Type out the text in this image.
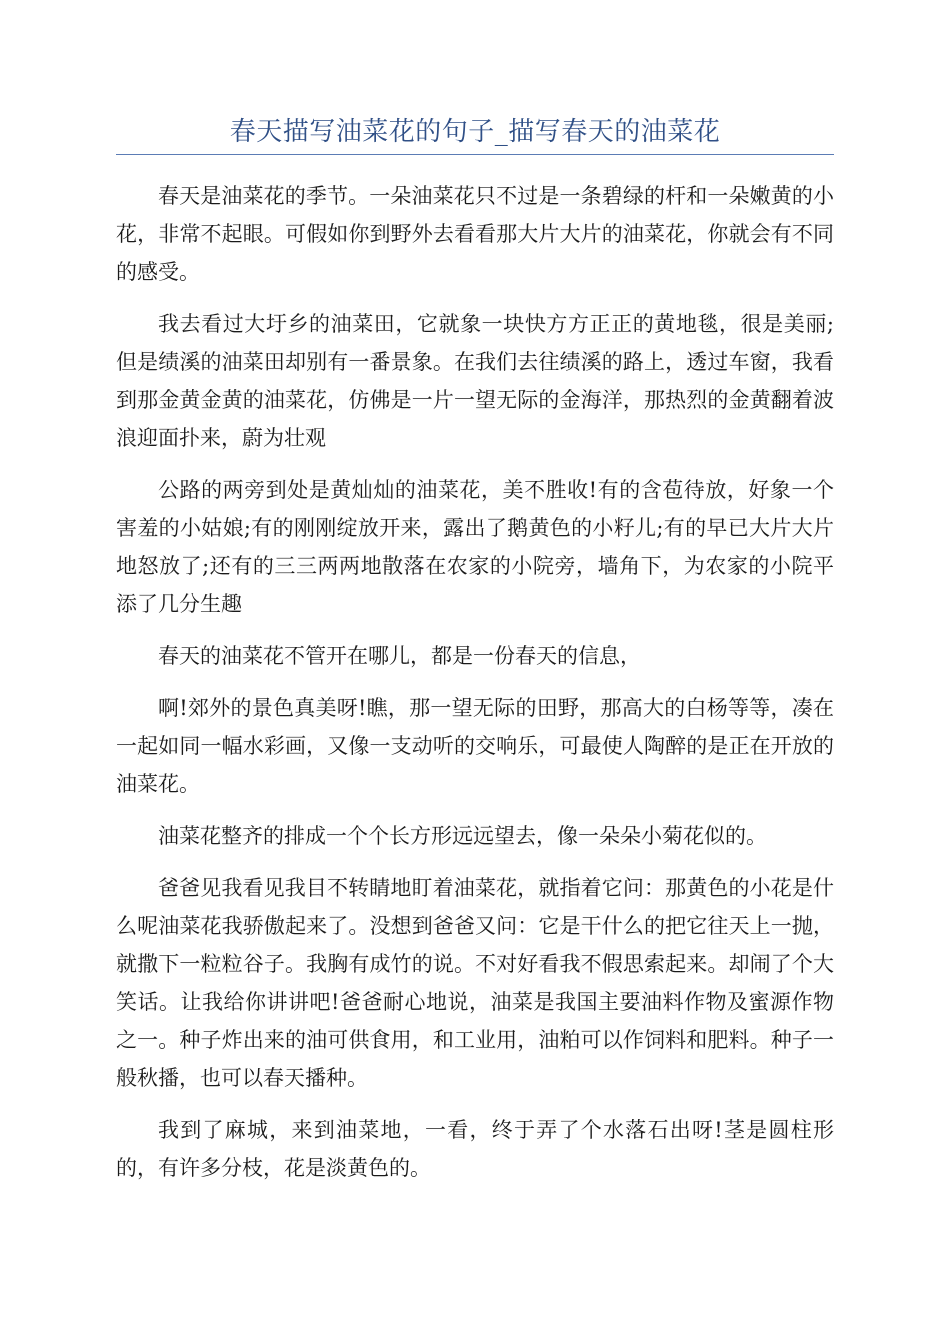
春天描写油菜花的句子_描写春天的油菜花

春天是油菜花的季节。一朵油菜花只不过是一条碧绿的杆和一朵嫩黄的小花，非常不起眼。可假如你到野外去看看那大片大片的油菜花，你就会有不同的感受。

我去看过大圩乡的油菜田，它就象一块快方方正正的黄地毯，很是美丽;但是绩溪的油菜田却别有一番景象。在我们去往绩溪的路上，透过车窗，我看到那金黄金黄的油菜花，仿佛是一片一望无际的金海洋，那热烈的金黄翻着波浪迎面扑来，蔚为壮观

公路的两旁到处是黄灿灿的油菜花，美不胜收!有的含苞待放，好象一个害羞的小姑娘;有的刚刚绽放开来，露出了鹅黄色的小籽儿;有的早已大片大片地怒放了;还有的三三两两地散落在农家的小院旁，墙角下，为农家的小院平添了几分生趣

春天的油菜花不管开在哪儿，都是一份春天的信息，

啊!郊外的景色真美呀!瞧，那一望无际的田野，那高大的白杨等等，凑在一起如同一幅水彩画，又像一支动听的交响乐，可最使人陶醉的是正在开放的油菜花。

油菜花整齐的排成一个个长方形远远望去，像一朵朵小菊花似的。

爸爸见我看见我目不转睛地盯着油菜花，就指着它问：那黄色的小花是什么呢油菜花我骄傲起来了。没想到爸爸又问：它是干什么的把它往天上一抛，就撒下一粒粒谷子。我胸有成竹的说。不对好看我不假思索起来。却闹了个大笑话。让我给你讲讲吧!爸爸耐心地说，油菜是我国主要油料作物及蜜源作物之一。种子炸出来的油可供食用，和工业用，油粕可以作饲料和肥料。种子一般秋播，也可以春天播种。

我到了麻城，来到油菜地，一看，终于弄了个水落石出呀!茎是圆柱形的，有许多分枝，花是淡黄色的。
